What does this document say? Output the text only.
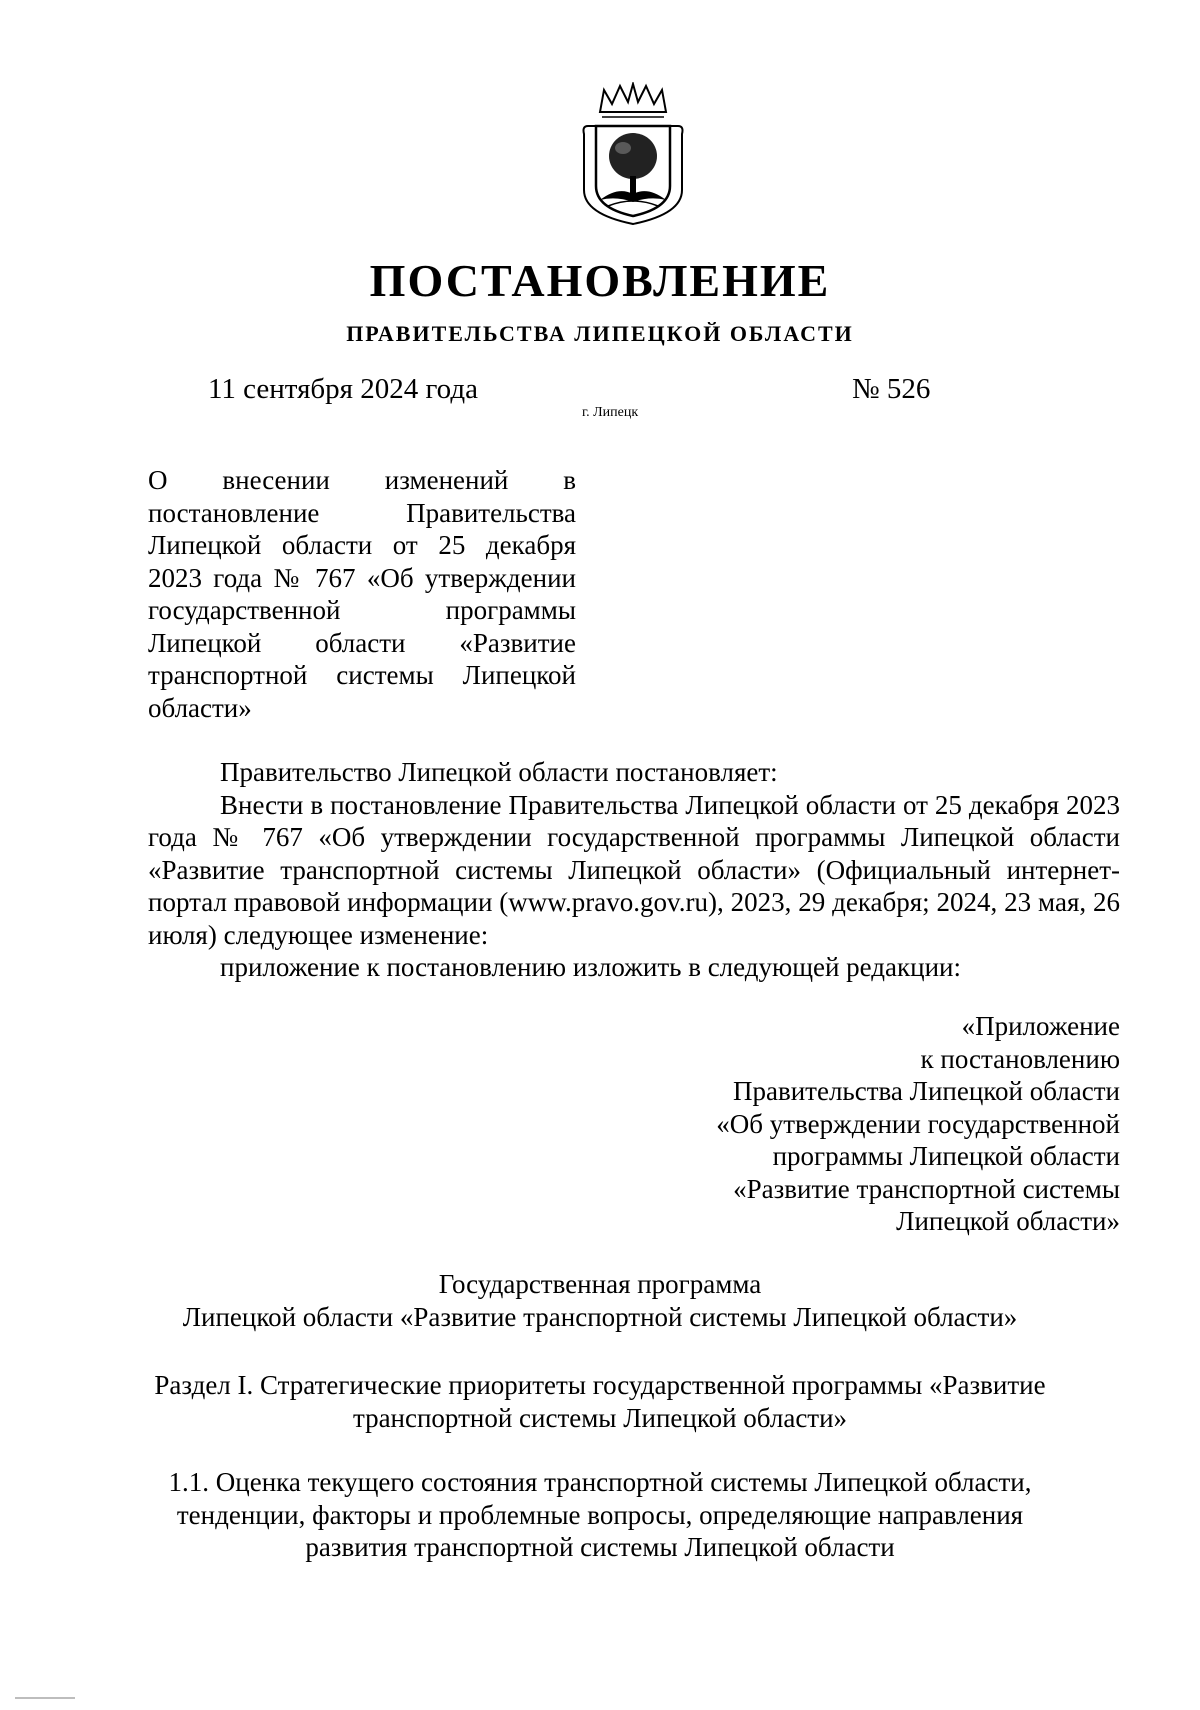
ПОСТАНОВЛЕНИЕ
ПРАВИТЕЛЬСТВА ЛИПЕЦКОЙ ОБЛАСТИ
11 сентября 2024 года
г. Липецк
№ 526
О внесении изменений в постановление Правительства Липецкой области от 25 декабря 2023 года № 767 «Об утверждении государственной программы Липецкой области «Развитие транспортной системы Липецкой области»

Правительство Липецкой области постановляет:

Внести в постановление Правительства Липецкой области от 25 декабря 2023 года № 767 «Об утверждении государственной программы Липецкой области «Развитие транспортной системы Липецкой области» (Официальный интернет-портал правовой информации (www.pravo.gov.ru), 2023, 29 декабря; 2024, 23 мая, 26 июля) следующее изменение:

приложение к постановлению изложить в следующей редакции:

«Приложение
к постановлению
Правительства Липецкой области
«Об утверждении государственной
программы Липецкой области
«Развитие транспортной системы
Липецкой области»
Государственная программа
Липецкой области «Развитие транспортной системы Липецкой области»
Раздел I. Стратегические приоритеты государственной программы «Развитие
транспортной системы Липецкой области»
1.1. Оценка текущего состояния транспортной системы Липецкой области,
тенденции, факторы и проблемные вопросы, определяющие направления
развития транспортной системы Липецкой области
